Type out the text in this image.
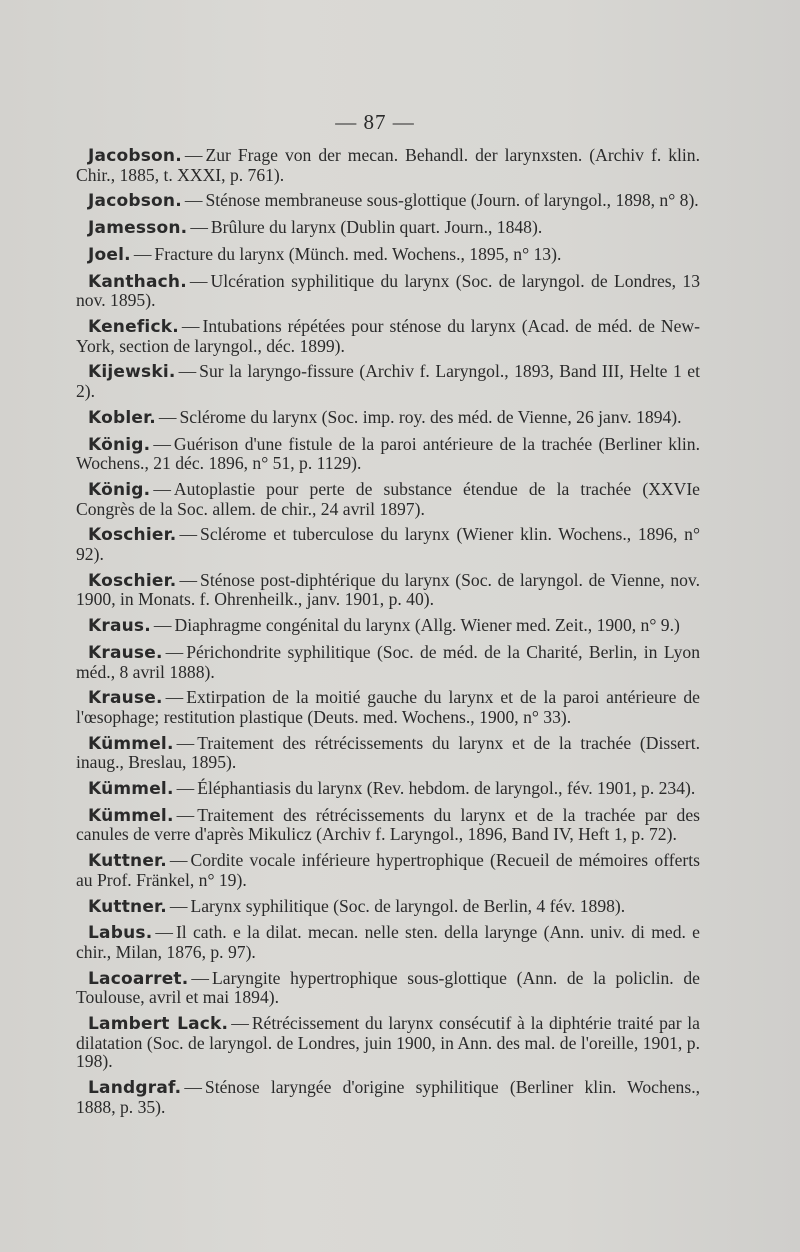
— 87 —

Jacobson. — Zur Frage von der mecan. Behandl. der larynxsten. (Archiv f. klin. Chir., 1885, t. XXXI, p. 761).

Jacobson. — Sténose membraneuse sous-glottique (Journ. of laryngol., 1898, n° 8).

Jamesson. — Brûlure du larynx (Dublin quart. Journ., 1848).

Joel. — Fracture du larynx (Münch. med. Wochens., 1895, n° 13).

Kanthach. — Ulcération syphilitique du larynx (Soc. de laryngol. de Londres, 13 nov. 1895).

Kenefick. — Intubations répétées pour sténose du larynx (Acad. de méd. de New-York, section de laryngol., déc. 1899).

Kijewski. — Sur la laryngo-fissure (Archiv f. Laryngol., 1893, Band III, Helte 1 et 2).

Kobler. — Sclérome du larynx (Soc. imp. roy. des méd. de Vienne, 26 janv. 1894).

König. — Guérison d'une fistule de la paroi antérieure de la trachée (Berliner klin. Wochens., 21 déc. 1896, n° 51, p. 1129).

König. — Autoplastie pour perte de substance étendue de la trachée (XXVIe Congrès de la Soc. allem. de chir., 24 avril 1897).

Koschier. — Sclérome et tuberculose du larynx (Wiener klin. Wochens., 1896, n° 92).

Koschier. — Sténose post-diphtérique du larynx (Soc. de laryngol. de Vienne, nov. 1900, in Monats. f. Ohrenheilk., janv. 1901, p. 40).

Kraus. — Diaphragme congénital du larynx (Allg. Wiener med. Zeit., 1900, n° 9.)

Krause. — Périchondrite syphilitique (Soc. de méd. de la Charité, Berlin, in Lyon méd., 8 avril 1888).

Krause. — Extirpation de la moitié gauche du larynx et de la paroi antérieure de l'œsophage; restitution plastique (Deuts. med. Wochens., 1900, n° 33).

Kümmel. — Traitement des rétrécissements du larynx et de la trachée (Dissert. inaug., Breslau, 1895).

Kümmel. — Éléphantiasis du larynx (Rev. hebdom. de laryngol., fév. 1901, p. 234).

Kümmel. — Traitement des rétrécissements du larynx et de la trachée par des canules de verre d'après Mikulicz (Archiv f. Laryngol., 1896, Band IV, Heft 1, p. 72).

Kuttner. — Cordite vocale inférieure hypertrophique (Recueil de mémoires offerts au Prof. Fränkel, n° 19).

Kuttner. — Larynx syphilitique (Soc. de laryngol. de Berlin, 4 fév. 1898).

Labus. — Il cath. e la dilat. mecan. nelle sten. della larynge (Ann. univ. di med. e chir., Milan, 1876, p. 97).

Lacoarret. — Laryngite hypertrophique sous-glottique (Ann. de la policlin. de Toulouse, avril et mai 1894).

Lambert Lack. — Rétrécissement du larynx consécutif à la diphtérie traité par la dilatation (Soc. de laryngol. de Londres, juin 1900, in Ann. des mal. de l'oreille, 1901, p. 198).

Landgraf. — Sténose laryngée d'origine syphilitique (Berliner klin. Wochens., 1888, p. 35).
